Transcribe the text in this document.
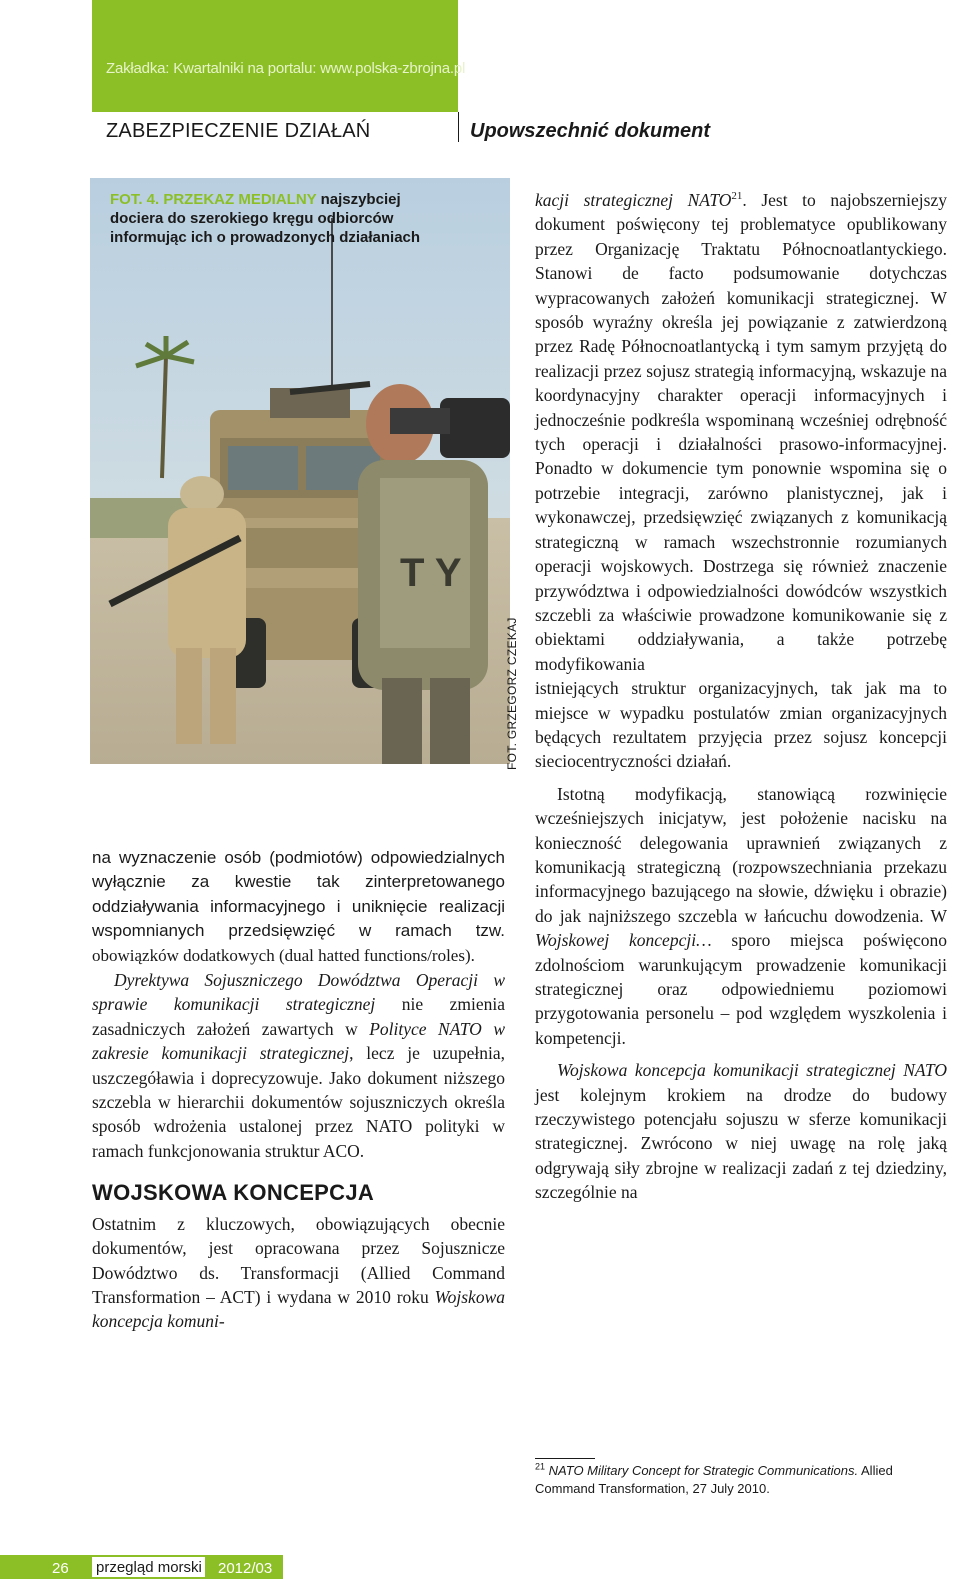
Zakładka: Kwartalniki na portalu: www.polska-zbrojna.pl
ZABEZPIECZENIE DZIAŁAŃ	Upowszechnić dokument
T Y
FOT. 4. PRZEKAZ MEDIALNY najszybciej dociera do szerokiego kręgu odbiorców informując ich o prowadzonych działaniach
FOT. GRZEGORZ CZEKAJ

na wyznaczenie osób (podmiotów) odpowiedzialnych wyłącznie za kwestie tak zinterpretowanego oddziaływania informacyjnego i uniknięcie realizacji wspomnianych przedsięwzięć w ramach tzw. obowiązków dodatkowych (dual hatted functions/roles).

Dyrektywa Sojuszniczego Dowództwa Operacji w sprawie komunikacji strategicznej nie zmienia zasadniczych założeń zawartych w Polityce NATO w zakresie komunikacji strategicznej, lecz je uzupełnia, uszczegóławia i doprecyzowuje. Jako dokument niższego szczebla w hierarchii dokumentów sojuszniczych określa sposób wdrożenia ustalonej przez NATO polityki w ramach funkcjonowania struktur ACO.

WOJSKOWA KONCEPCJA

Ostatnim z kluczowych, obowiązujących obecnie dokumentów, jest opracowana przez Sojusznicze Dowództwo ds. Transformacji (Allied Command Transformation – ACT) i wydana w 2010 roku Wojskowa koncepcja komuni-

kacji strategicznej NATO$^{21}$. Jest to najobszerniejszy dokument poświęcony tej problematyce opublikowany przez Organizację Traktatu Północnoatlantyckiego. Stanowi de facto podsumowanie dotychczas wypracowanych założeń komunikacji strategicznej. W sposób wyraźny określa jej powiązanie z zatwierdzoną przez Radę Północnoatlantycką i tym samym przyjętą do realizacji przez sojusz strategią informacyjną, wskazuje na koordynacyjny charakter operacji informacyjnych i jednocześnie podkreśla wspominaną wcześniej odrębność tych operacji i działalności prasowo-informacyjnej. Ponadto w dokumencie tym ponownie wspomina się o potrzebie integracji, zarówno planistycznej, jak i wykonawczej, przedsięwzięć związanych z komunikacją strategiczną w ramach wszechstronnie rozumianych operacji wojskowych. Dostrzega się również znaczenie przywództwa i odpowiedzialności dowódców wszystkich szczebli za właściwie prowadzone komunikowanie się z obiektami oddziaływania, a także potrzebę modyfikowania

istniejących struktur organizacyjnych, tak jak ma to miejsce w wypadku postulatów zmian organizacyjnych będących rezultatem przyjęcia przez sojusz koncepcji sieciocentryczności działań.

Istotną modyfikacją, stanowiącą rozwinięcie wcześniejszych inicjatyw, jest położenie nacisku na konieczność delegowania uprawnień związanych z komunikacją strategiczną (rozpowszechniania przekazu informacyjnego bazującego na słowie, dźwięku i obrazie) do jak najniższego szczebla w łańcuchu dowodzenia. W Wojskowej koncepcji… sporo miejsca poświęcono zdolnościom warunkującym prowadzenie komunikacji strategicznej oraz odpowiedniemu poziomowi przygotowania personelu – pod względem wyszkolenia i kompetencji.

Wojskowa koncepcja komunikacji strategicznej NATO jest kolejnym krokiem na drodze do budowy rzeczywistego potencjału sojuszu w sferze komunikacji strategicznej. Zwrócono w niej uwagę na rolę jaką odgrywają siły zbrojne w realizacji zadań z tej dziedziny, szczególnie na

$^{21}$ NATO Military Concept for Strategic Communications. Allied Command Transformation, 27 July 2010.
26 przegląd morski 2012/03
